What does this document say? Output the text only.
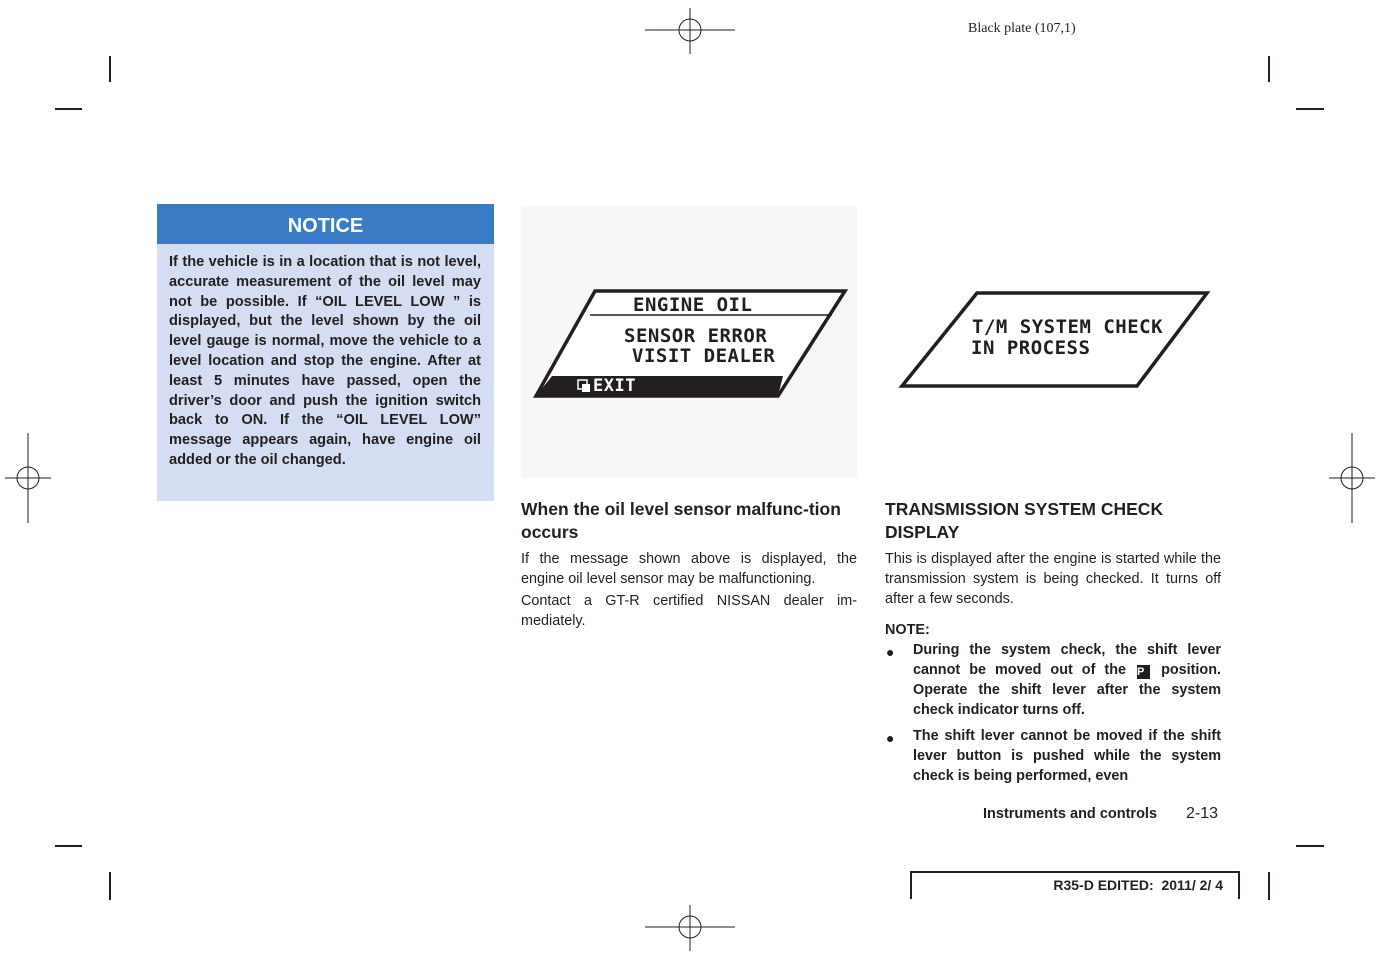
Black plate (107,1)
NOTICE
If the vehicle is in a location that is not level, accurate measurement of the oil level may not be possible. If “OIL LEVEL LOW ” is displayed, but the level shown by the oil level gauge is normal, move the vehicle to a level location and stop the engine. After at least 5 minutes have passed, open the driver’s door and push the ignition switch back to ON. If the “OIL LEVEL LOW” message appears again, have engine oil added or the oil changed.
ENGINE OIL
SENSOR ERROR
VISIT DEALER
EXIT
T/M SYSTEM CHECK
IN PROCESS
When the oil level sensor malfunc-tion occurs
If the message shown above is displayed, the engine oil level sensor may be malfunctioning.
Contact a GT-R certified NISSAN dealer im-mediately.
TRANSMISSION SYSTEM CHECK DISPLAY
This is displayed after the engine is started while the transmission system is being checked. It turns off after a few seconds.
NOTE:
● During the system check, the shift lever cannot be moved out of the P position. Operate the shift lever after the system check indicator turns off.
● The shift lever cannot be moved if the shift lever button is pushed while the system check is being performed, even
Instruments and controls 2-13
R35-D EDITED:  2011/ 2/ 4
